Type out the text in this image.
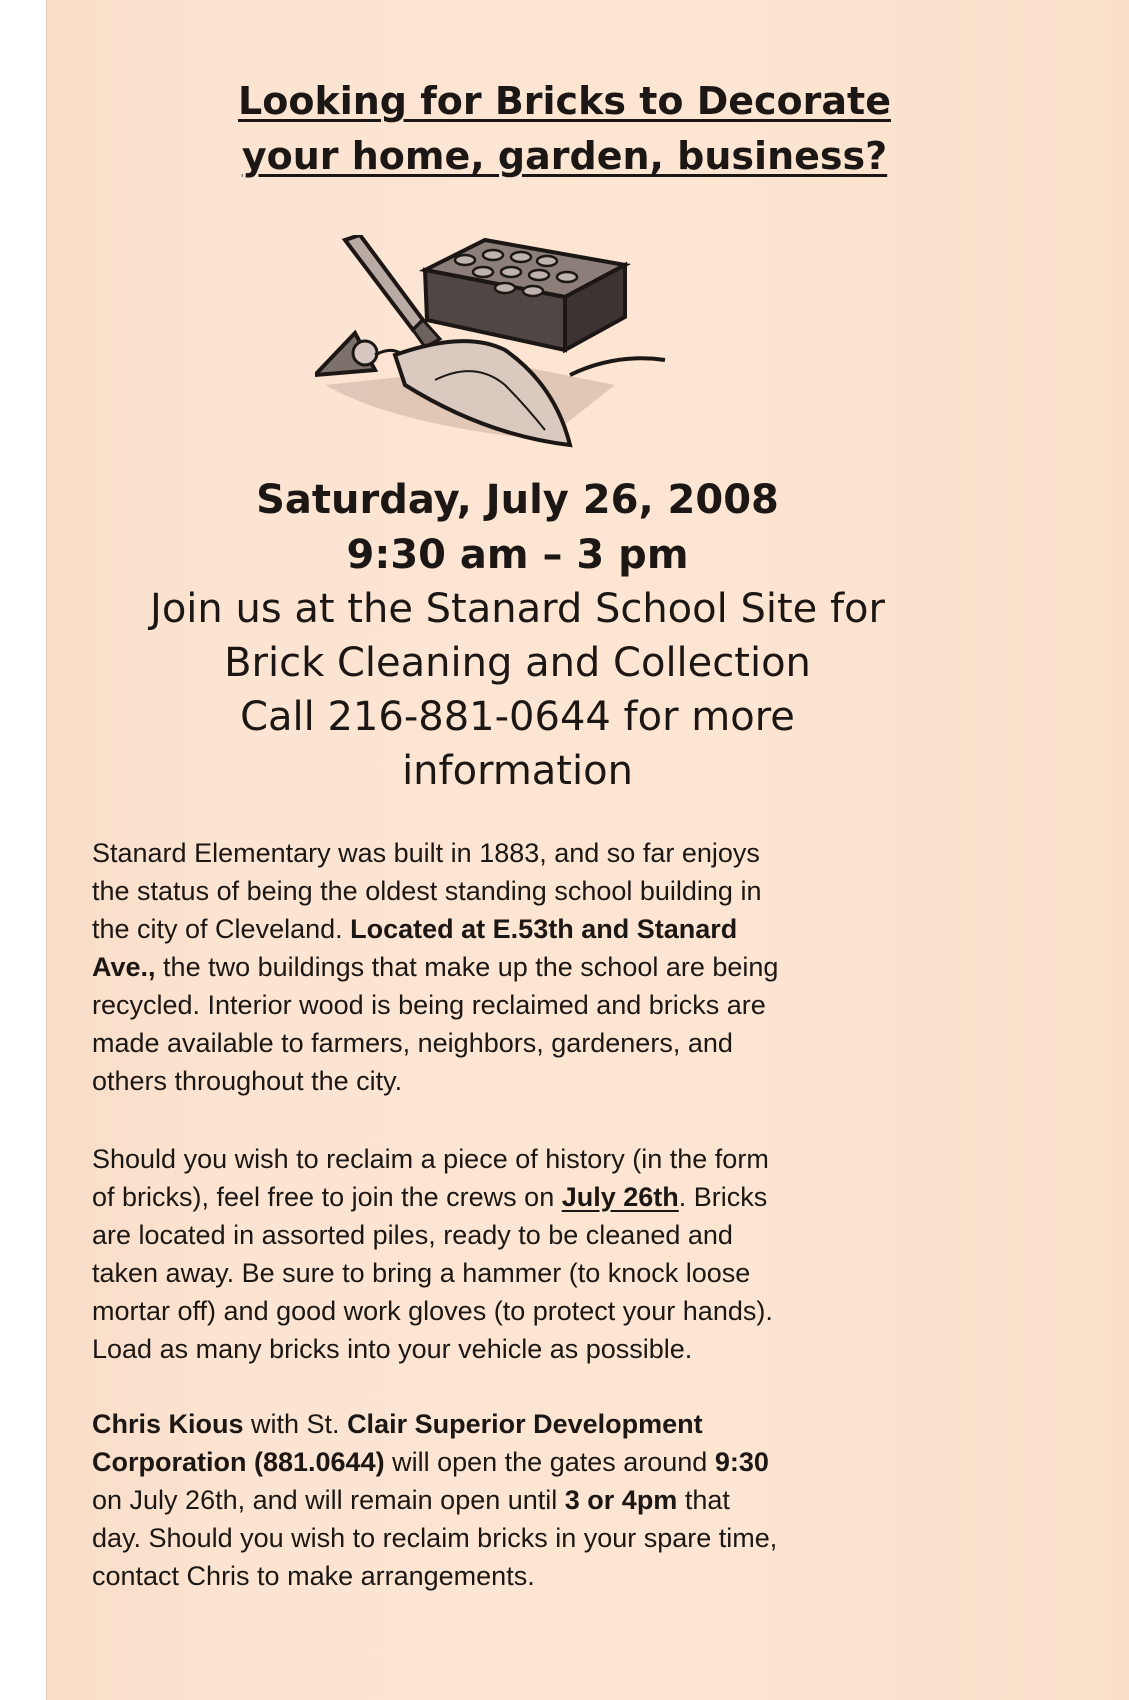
Looking for Bricks to Decorate
your home, garden, business?
Saturday, July 26, 2008
9:30 am – 3 pm
Join us at the Stanard School Site for
Brick Cleaning and Collection
Call 216-881-0644 for more
information
Stanard Elementary was built in 1883, and so far enjoys
the status of being the oldest standing school building in
the city of Cleveland. Located at E.53th and Stanard
Ave., the two buildings that make up the school are being
recycled. Interior wood is being reclaimed and bricks are
made available to farmers, neighbors, gardeners, and
others throughout the city.
Should you wish to reclaim a piece of history (in the form
of bricks), feel free to join the crews on July 26th. Bricks
are located in assorted piles, ready to be cleaned and
taken away. Be sure to bring a hammer (to knock loose
mortar off) and good work gloves (to protect your hands).
Load as many bricks into your vehicle as possible.
Chris Kious with St. Clair Superior Development
Corporation (881.0644) will open the gates around 9:30
on July 26th, and will remain open until 3 or 4pm that
day. Should you wish to reclaim bricks in your spare time,
contact Chris to make arrangements.
